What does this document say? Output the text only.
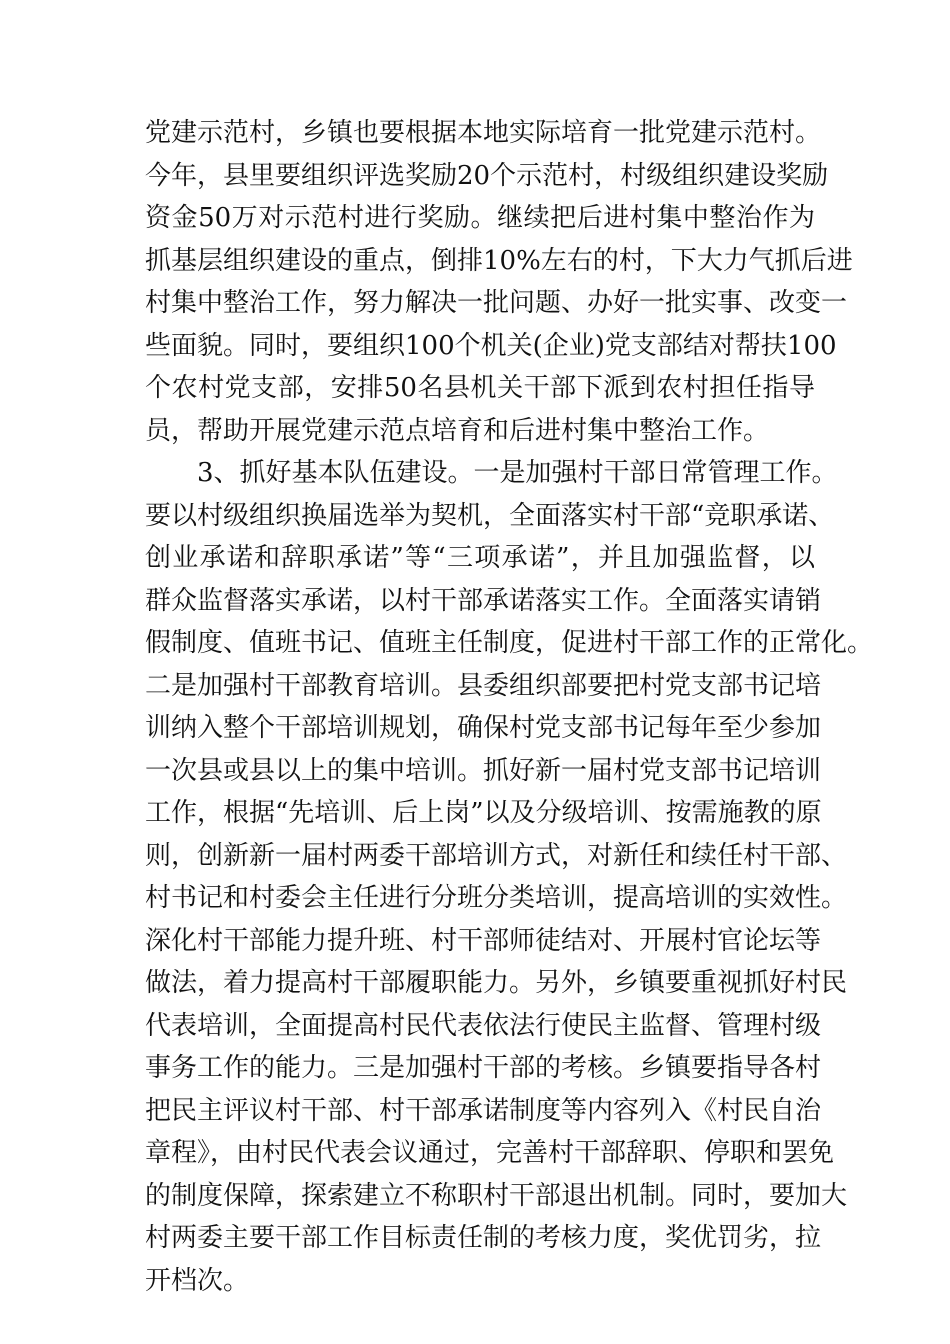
党建示范村，乡镇也要根据本地实际培育一批党建示范村。
今年，县里要组织评选奖励20个示范村，村级组织建设奖励
资金50万对示范村进行奖励。继续把后进村集中整治作为
抓基层组织建设的重点，倒排10%左右的村，下大力气抓后进
村集中整治工作，努力解决一批问题、办好一批实事、改变一
些面貌。同时，要组织100个机关(企业)党支部结对帮扶100
个农村党支部，安排50名县机关干部下派到农村担任指导
员，帮助开展党建示范点培育和后进村集中整治工作。
3、抓好基本队伍建设。一是加强村干部日常管理工作。
要以村级组织换届选举为契机，全面落实村干部“竞职承诺、
创业承诺和辞职承诺”等“三项承诺”，并且加强监督，以
群众监督落实承诺，以村干部承诺落实工作。全面落实请销
假制度、值班书记、值班主任制度，促进村干部工作的正常化。
二是加强村干部教育培训。县委组织部要把村党支部书记培
训纳入整个干部培训规划，确保村党支部书记每年至少参加
一次县或县以上的集中培训。抓好新一届村党支部书记培训
工作，根据“先培训、后上岗”以及分级培训、按需施教的原
则，创新新一届村两委干部培训方式，对新任和续任村干部、
村书记和村委会主任进行分班分类培训，提高培训的实效性。
深化村干部能力提升班、村干部师徒结对、开展村官论坛等
做法，着力提高村干部履职能力。另外，乡镇要重视抓好村民
代表培训，全面提高村民代表依法行使民主监督、管理村级
事务工作的能力。三是加强村干部的考核。乡镇要指导各村
把民主评议村干部、村干部承诺制度等内容列入《村民自治
章程》，由村民代表会议通过，完善村干部辞职、停职和罢免
的制度保障，探索建立不称职村干部退出机制。同时，要加大
村两委主要干部工作目标责任制的考核力度，奖优罚劣，拉
开档次。
